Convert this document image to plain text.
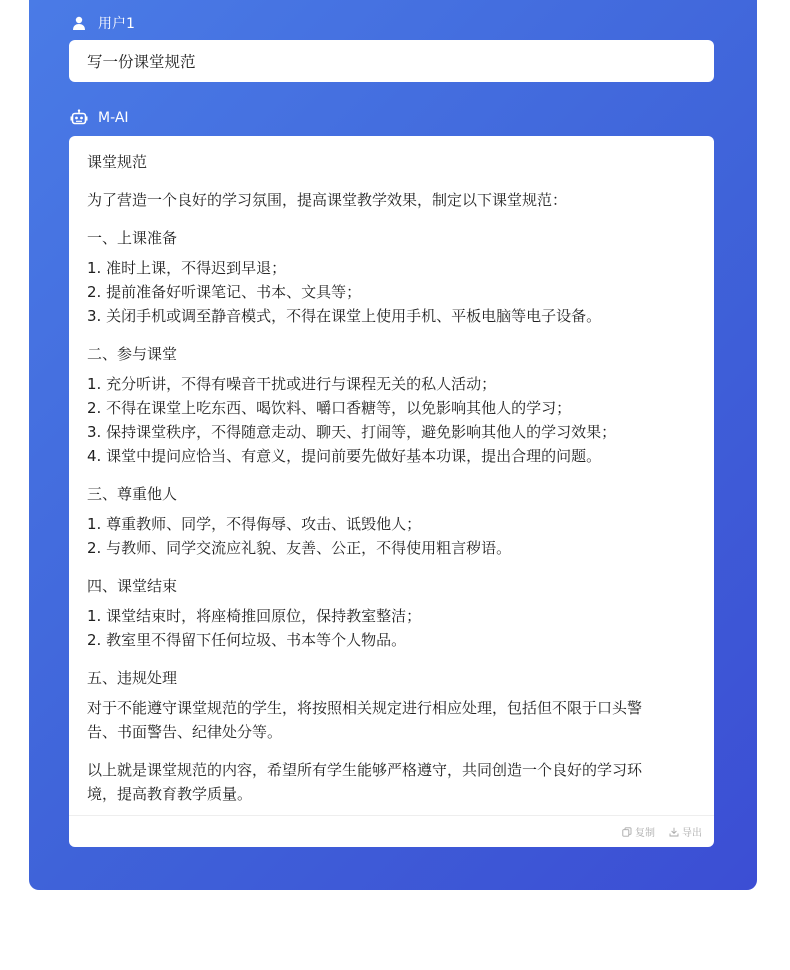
用户1
写一份课堂规范
M-AI

课堂规范

为了营造一个良好的学习氛围，提高课堂教学效果，制定以下课堂规范：

一、上课准备

1. 准时上课，不得迟到早退；

2. 提前准备好听课笔记、书本、文具等；

3. 关闭手机或调至静音模式，不得在课堂上使用手机、平板电脑等电子设备。

二、参与课堂

1. 充分听讲，不得有噪音干扰或进行与课程无关的私人活动；

2. 不得在课堂上吃东西、喝饮料、嚼口香糖等，以免影响其他人的学习；

3. 保持课堂秩序，不得随意走动、聊天、打闹等，避免影响其他人的学习效果；

4. 课堂中提问应恰当、有意义，提问前要先做好基本功课，提出合理的问题。

三、尊重他人

1. 尊重教师、同学，不得侮辱、攻击、诋毁他人；

2. 与教师、同学交流应礼貌、友善、公正，不得使用粗言秽语。

四、课堂结束

1. 课堂结束时，将座椅推回原位，保持教室整洁；

2. 教室里不得留下任何垃圾、书本等个人物品。

五、违规处理

对于不能遵守课堂规范的学生，将按照相关规定进行相应处理，包括但不限于口头警

告、书面警告、纪律处分等。

以上就是课堂规范的内容，希望所有学生能够严格遵守，共同创造一个良好的学习环

境，提高教育教学质量。

复制	导出
